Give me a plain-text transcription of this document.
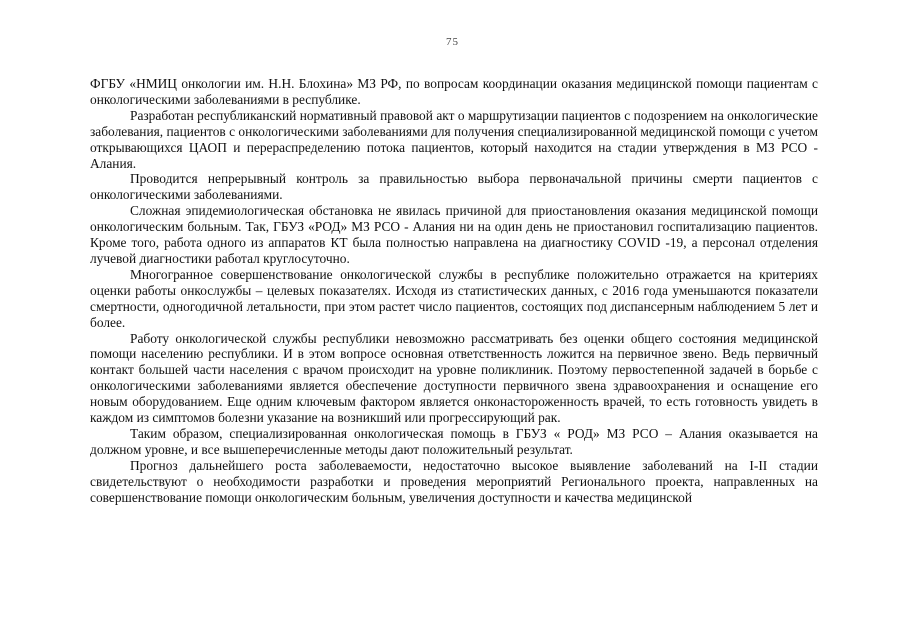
75

ФГБУ «НМИЦ онкологии им. Н.Н. Блохина» МЗ РФ, по вопросам координации оказания медицинской помощи пациентам с онкологическими заболеваниями в республике.

Разработан республиканский нормативный правовой акт о маршрутизации пациентов с подозрением на онкологические заболевания, пациентов с онкологическими заболеваниями для получения специализированной медицинской помощи с учетом открывающихся ЦАОП и перераспределению потока пациентов, который находится на стадии утверждения в МЗ РСО - Алания.

Проводится непрерывный контроль за правильностью выбора первоначальной причины смерти пациентов с онкологическими заболеваниями.

Сложная эпидемиологическая обстановка не явилась причиной для приостановления оказания медицинской помощи онкологическим больным. Так, ГБУЗ «РОД» МЗ РСО - Алания ни на один день не приостановил госпитализацию пациентов. Кроме того, работа одного из аппаратов КТ была полностью направлена на диагностику COVID -19, а персонал отделения лучевой диагностики работал круглосуточно.

Многогранное совершенствование онкологической службы в республике положительно отражается на критериях оценки работы онкослужбы – целевых показателях. Исходя из статистических данных, с 2016 года уменьшаются показатели смертности, одногодичной летальности, при этом растет число пациентов, состоящих под диспансерным наблюдением 5 лет и более.

Работу онкологической службы республики невозможно рассматривать без оценки общего состояния медицинской помощи населению республики. И в этом вопросе основная ответственность ложится на первичное звено. Ведь первичный контакт большей части населения с врачом происходит на уровне поликлиник. Поэтому первостепенной задачей в борьбе с онкологическими заболеваниями является обеспечение доступности первичного звена здравоохранения и оснащение его новым оборудованием. Еще одним ключевым фактором является онконастороженность врачей, то есть готовность увидеть в каждом из симптомов болезни указание на возникший или прогрессирующий рак.

Таким образом, специализированная онкологическая помощь в ГБУЗ « РОД» МЗ РСО – Алания оказывается на должном уровне, и все вышеперечисленные методы дают положительный результат.

Прогноз дальнейшего роста заболеваемости, недостаточно высокое выявление заболеваний на I-II стадии свидетельствуют о необходимости разработки и проведения мероприятий Регионального проекта, направленных на совершенствование помощи онкологическим больным, увеличения доступности и качества медицинской
